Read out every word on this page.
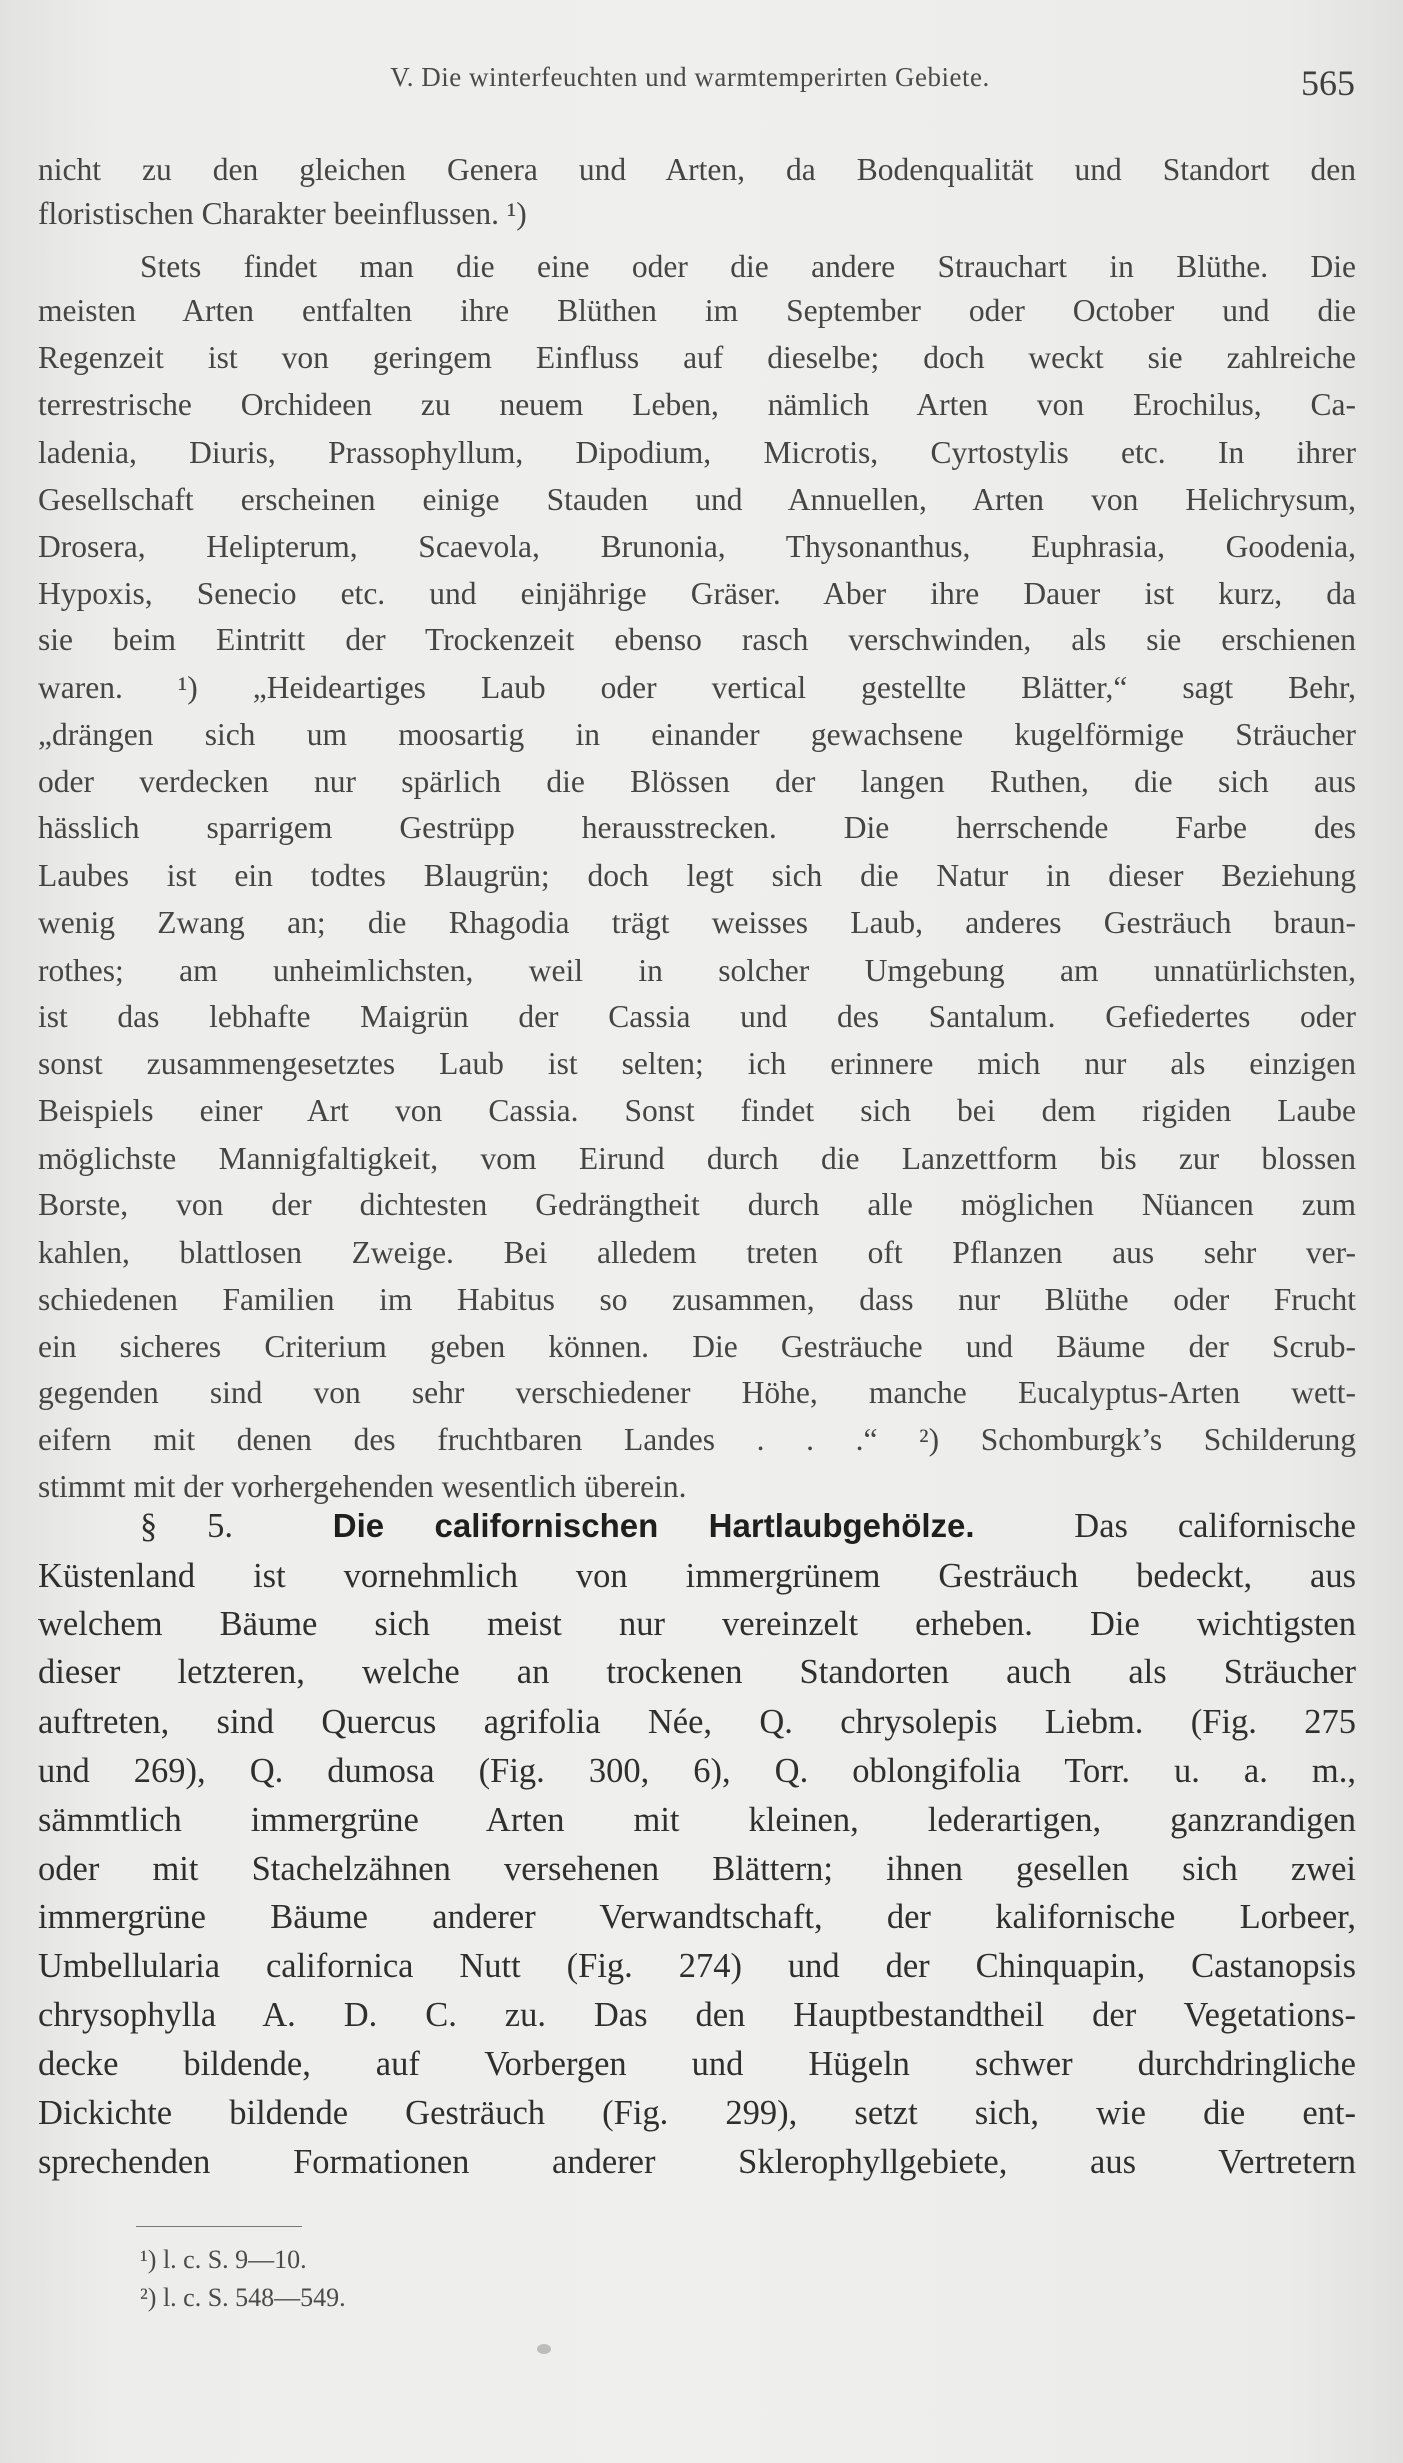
V. Die winterfeuchten und warmtemperirten Gebiete.	565
nicht zu den gleichen Genera und Arten, da Bodenqualität und Standort den
floristischen Charakter beeinflussen. ¹)
Stets findet man die eine oder die andere Strauchart in Blüthe. Die
meisten Arten entfalten ihre Blüthen im September oder October und die
Regenzeit ist von geringem Einfluss auf dieselbe; doch weckt sie zahlreiche
terrestrische Orchideen zu neuem Leben, nämlich Arten von Erochilus, Ca-
ladenia, Diuris, Prassophyllum, Dipodium, Microtis, Cyrtostylis etc. In ihrer
Gesellschaft erscheinen einige Stauden und Annuellen, Arten von Helichrysum,
Drosera, Helipterum, Scaevola, Brunonia, Thysonanthus, Euphrasia, Goodenia,
Hypoxis, Senecio etc. und einjährige Gräser. Aber ihre Dauer ist kurz, da
sie beim Eintritt der Trockenzeit ebenso rasch verschwinden, als sie erschienen
waren. ¹) „Heideartiges Laub oder vertical gestellte Blätter,“ sagt Behr,
„drängen sich um moosartig in einander gewachsene kugelförmige Sträucher
oder verdecken nur spärlich die Blössen der langen Ruthen, die sich aus
hässlich sparrigem Gestrüpp herausstrecken. Die herrschende Farbe des
Laubes ist ein todtes Blaugrün; doch legt sich die Natur in dieser Beziehung
wenig Zwang an; die Rhagodia trägt weisses Laub, anderes Gesträuch braun-
rothes; am unheimlichsten, weil in solcher Umgebung am unnatürlichsten,
ist das lebhafte Maigrün der Cassia und des Santalum. Gefiedertes oder
sonst zusammengesetztes Laub ist selten; ich erinnere mich nur als einzigen
Beispiels einer Art von Cassia. Sonst findet sich bei dem rigiden Laube
möglichste Mannigfaltigkeit, vom Eirund durch die Lanzettform bis zur blossen
Borste, von der dichtesten Gedrängtheit durch alle möglichen Nüancen zum
kahlen, blattlosen Zweige. Bei alledem treten oft Pflanzen aus sehr ver-
schiedenen Familien im Habitus so zusammen, dass nur Blüthe oder Frucht
ein sicheres Criterium geben können. Die Gesträuche und Bäume der Scrub-
gegenden sind von sehr verschiedener Höhe, manche Eucalyptus-Arten wett-
eifern mit denen des fruchtbaren Landes . . .“ ²) Schomburgk’s Schilderung
stimmt mit der vorhergehenden wesentlich überein.
§ 5.	Die californischen Hartlaubgehölze.	Das californische
Küstenland ist vornehmlich von immergrünem Gesträuch bedeckt, aus
welchem Bäume sich meist nur vereinzelt erheben. Die wichtigsten
dieser letzteren, welche an trockenen Standorten auch als Sträucher
auftreten, sind Quercus agrifolia Née, Q. chrysolepis Liebm. (Fig. 275
und 269), Q. dumosa (Fig. 300, 6), Q. oblongifolia Torr. u. a. m.,
sämmtlich immergrüne Arten mit kleinen, lederartigen, ganzrandigen
oder mit Stachelzähnen versehenen Blättern; ihnen gesellen sich zwei
immergrüne Bäume anderer Verwandtschaft, der kalifornische Lorbeer,
Umbellularia californica Nutt (Fig. 274) und der Chinquapin, Castanopsis
chrysophylla A. D. C. zu. Das den Hauptbestandtheil der Vegetations-
decke bildende, auf Vorbergen und Hügeln schwer durchdringliche
Dickichte bildende Gesträuch (Fig. 299), setzt sich, wie die ent-
sprechenden Formationen anderer Sklerophyllgebiete, aus Vertretern
¹) l. c. S. 9—10.
²) l. c. S. 548—549.
